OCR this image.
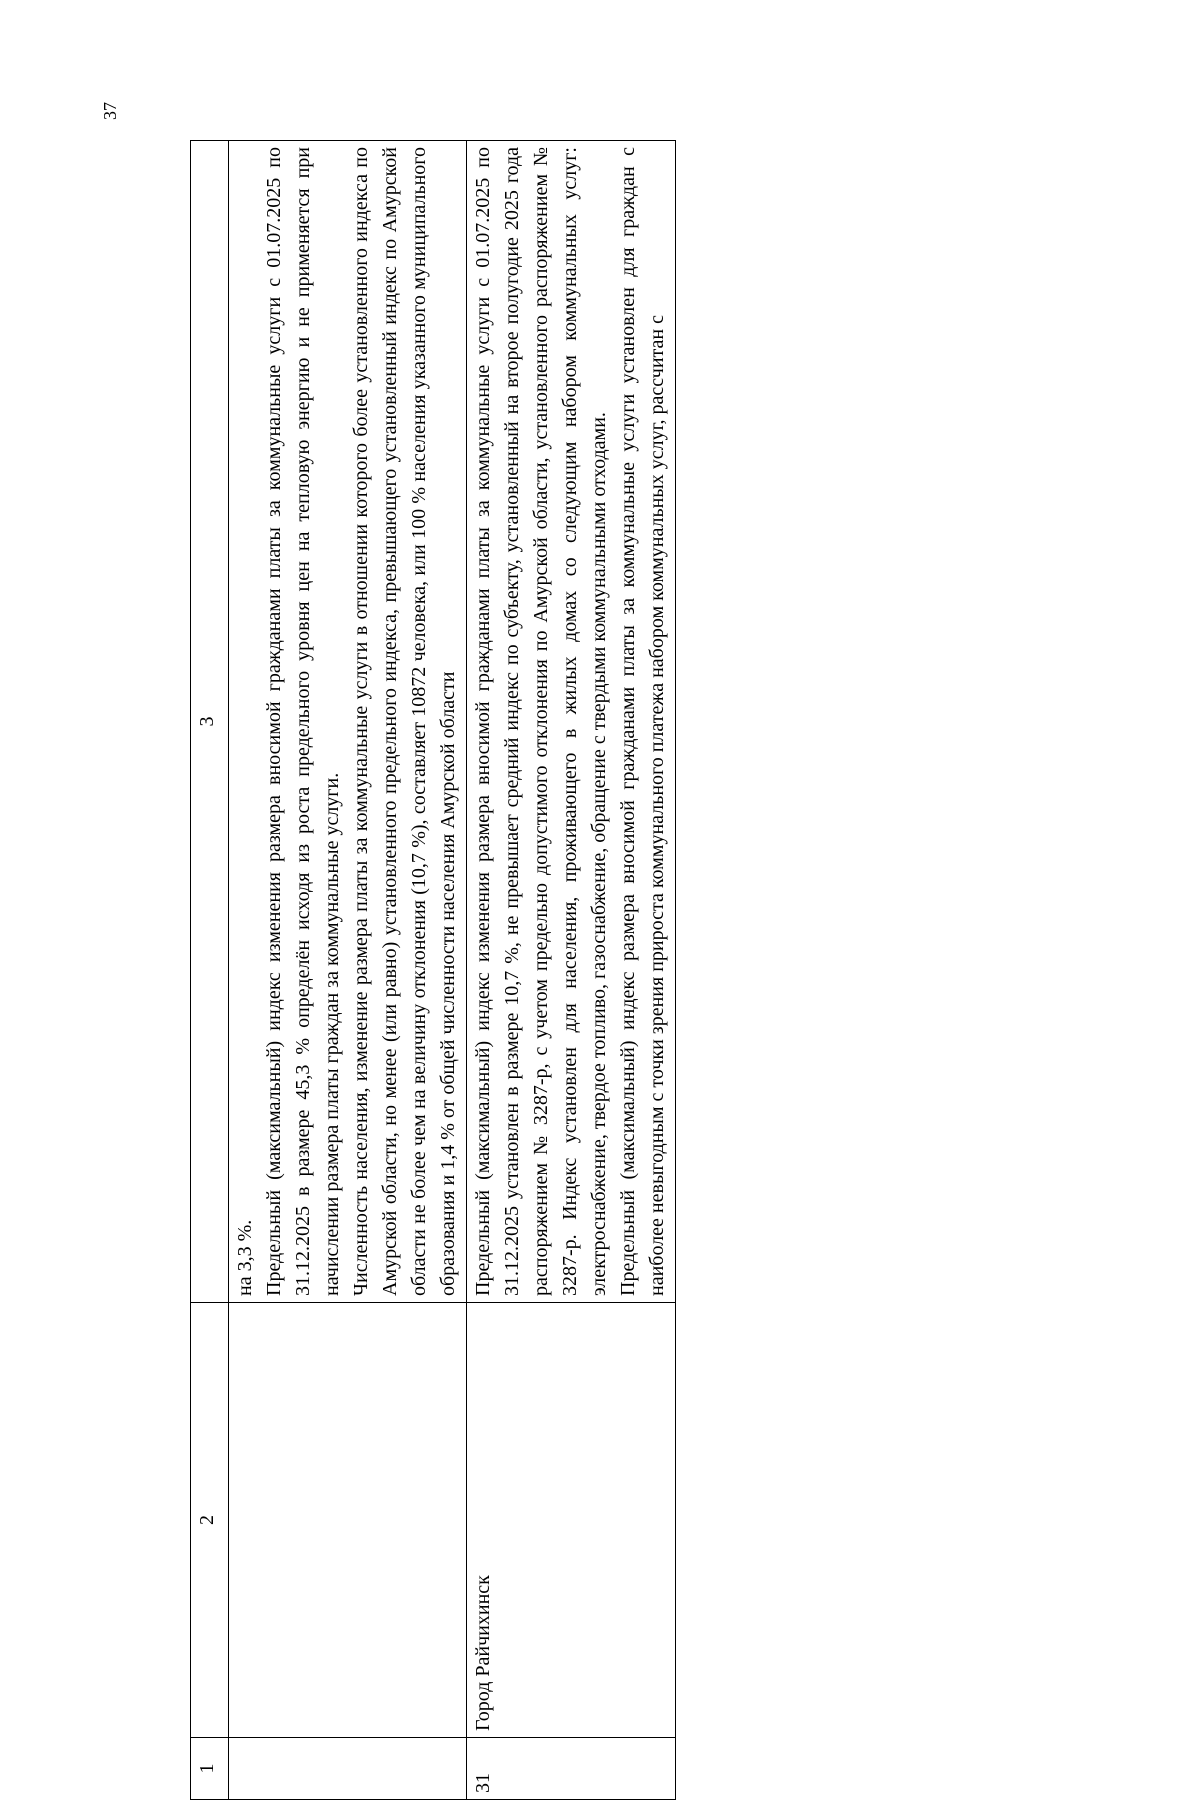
37
1	2	3

		на 3,3 %. Предельный (максимальный) индекс изменения размера вносимой гражданами платы за коммунальные услуги с 01.07.2025 по 31.12.2025 в размере 45,3 % определён исходя из роста предельного уровня цен на тепловую энергию и не применяется при начислении размера платы граждан за коммунальные услуги. Численность населения, изменение размера платы за коммунальные услуги в отношении которого более установленного индекса по Амурской области, но менее (или равно) установленного предельного индекса, превышающего установленный индекс по Амурской области не более чем на величину отклонения (10,7 %), составляет 10872 человека, или 100 % населения указанного муниципального образования и 1,4 % от общей численности населения Амурской области

31	Город Райчихинск	Предельный (максимальный) индекс изменения размера вносимой гражданами платы за коммунальные услуги с 01.07.2025 по 31.12.2025 установлен в размере 10,7 %, не превышает средний индекс по субъекту, установленный на второе полугодие 2025 года распоряжением № 3287-р, с учетом предельно допустимого отклонения по Амурской области, установленного распоряжением № 3287-р. Индекс установлен для населения, проживающего в жилых домах со следующим набором коммунальных услуг: электроснабжение, твердое топливо, газоснабжение, обращение с твердыми коммунальными отходами. Предельный (максимальный) индекс размера вносимой гражданами платы за коммунальные услуги установлен для граждан с наиболее невыгодным с точки зрения прироста коммунального платежа набором коммунальных услуг, рассчитан с
